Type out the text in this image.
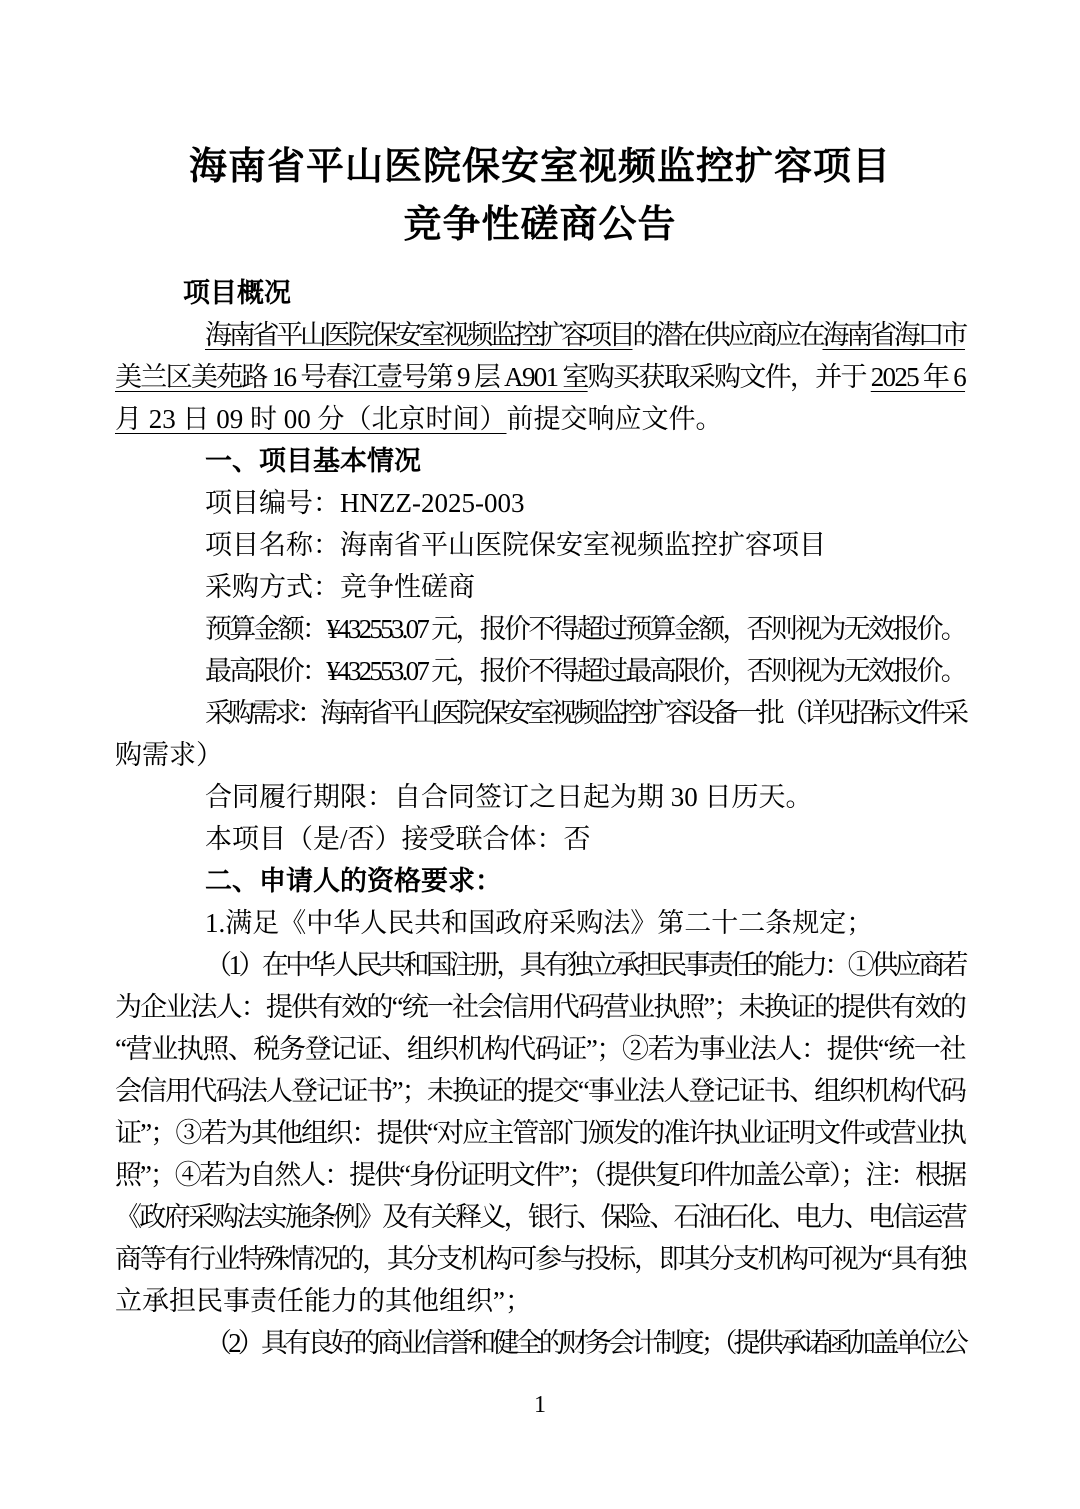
海南省平山医院保安室视频监控扩容项目
竞争性磋商公告
项目概况
海南省平山医院保安室视频监控扩容项目的潜在供应商应在海南省海口市
美兰区美苑路 16 号春江壹号第 9 层 A901 室购买获取采购文件，并于 2025 年 6
月 23 日 09 时 00 分（北京时间）前提交响应文件。
一、项目基本情况
项目编号：HNZZ-2025-003
项目名称：海南省平山医院保安室视频监控扩容项目
采购方式：竞争性磋商
预算金额：¥432553.07 元，报价不得超过预算金额，否则视为无效报价。
最高限价：¥432553.07 元，报价不得超过最高限价，否则视为无效报价。
采购需求：海南省平山医院保安室视频监控扩容设备一批（详见招标文件采
购需求）
合同履行期限：自合同签订之日起为期 30 日历天。
本项目（是/否）接受联合体：否
二、申请人的资格要求：
1.满足《中华人民共和国政府采购法》第二十二条规定；
（1）在中华人民共和国注册，具有独立承担民事责任的能力：①供应商若
为企业法人：提供有效的“统一社会信用代码营业执照”；未换证的提供有效的
“营业执照、税务登记证、组织机构代码证”；②若为事业法人：提供“统一社
会信用代码法人登记证书”；未换证的提交“事业法人登记证书、组织机构代码
证”；③若为其他组织：提供“对应主管部门颁发的准许执业证明文件或营业执
照”；④若为自然人：提供“身份证明文件”；（提供复印件加盖公章）；注：根据
《政府采购法实施条例》及有关释义，银行、保险、石油石化、电力、电信运营
商等有行业特殊情况的，其分支机构可参与投标，即其分支机构可视为“具有独
立承担民事责任能力的其他组织”；
（2）具有良好的商业信誉和健全的财务会计制度；（提供承诺函加盖单位公
1
